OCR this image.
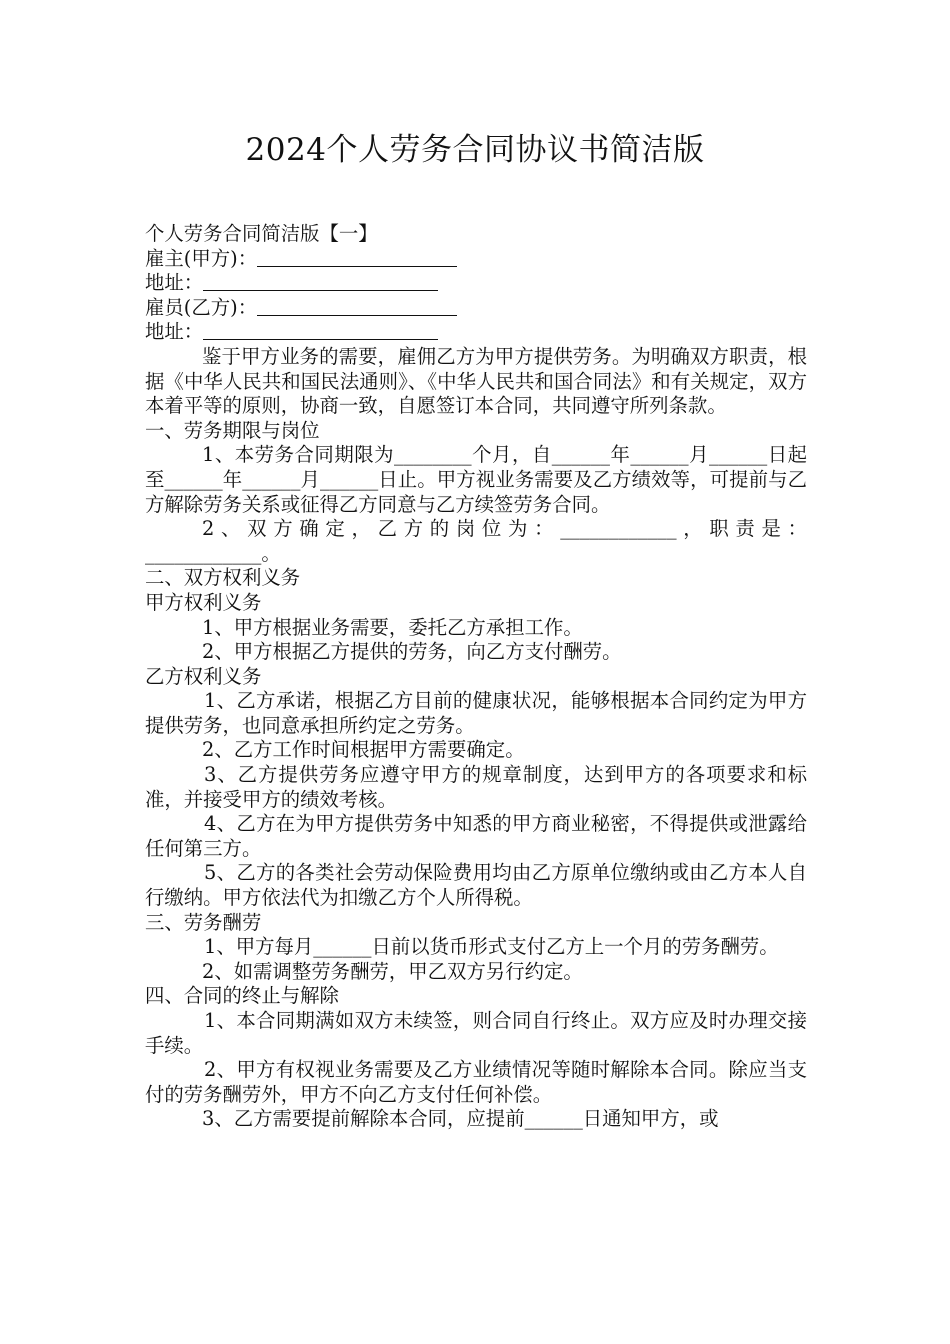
2024个人劳务合同协议书简洁版

个人劳务合同简洁版【一】

雇主(甲方)：

地址：

雇员(乙方)：

地址：

鉴于甲方业务的需要，雇佣乙方为甲方提供劳务。为明确双方职责，根据《中华人民共和国民法通则》、《中华人民共和国合同法》和有关规定，双方本着平等的原则，协商一致，自愿签订本合同，共同遵守所列条款。

一、劳务期限与岗位

1、本劳务合同期限为________个月，自______年______月______日起至______年______月______日止。甲方视业务需要及乙方绩效等，可提前与乙方解除劳务关系或征得乙方同意与乙方续签劳务合同。

2、双方确定，乙方的岗位为：____________，职责是：____________。

二、双方权利义务

甲方权利义务

1、甲方根据业务需要，委托乙方承担工作。

2、甲方根据乙方提供的劳务，向乙方支付酬劳。

乙方权利义务

1、乙方承诺，根据乙方目前的健康状况，能够根据本合同约定为甲方提供劳务，也同意承担所约定之劳务。

2、乙方工作时间根据甲方需要确定。

3、乙方提供劳务应遵守甲方的规章制度，达到甲方的各项要求和标准，并接受甲方的绩效考核。

4、乙方在为甲方提供劳务中知悉的甲方商业秘密，不得提供或泄露给任何第三方。

5、乙方的各类社会劳动保险费用均由乙方原单位缴纳或由乙方本人自行缴纳。甲方依法代为扣缴乙方个人所得税。

三、劳务酬劳

1、甲方每月______日前以货币形式支付乙方上一个月的劳务酬劳。

2、如需调整劳务酬劳，甲乙双方另行约定。

四、合同的终止与解除

1、本合同期满如双方未续签，则合同自行终止。双方应及时办理交接手续。

2、甲方有权视业务需要及乙方业绩情况等随时解除本合同。除应当支付的劳务酬劳外，甲方不向乙方支付任何补偿。

3、乙方需要提前解除本合同，应提前______日通知甲方，或
